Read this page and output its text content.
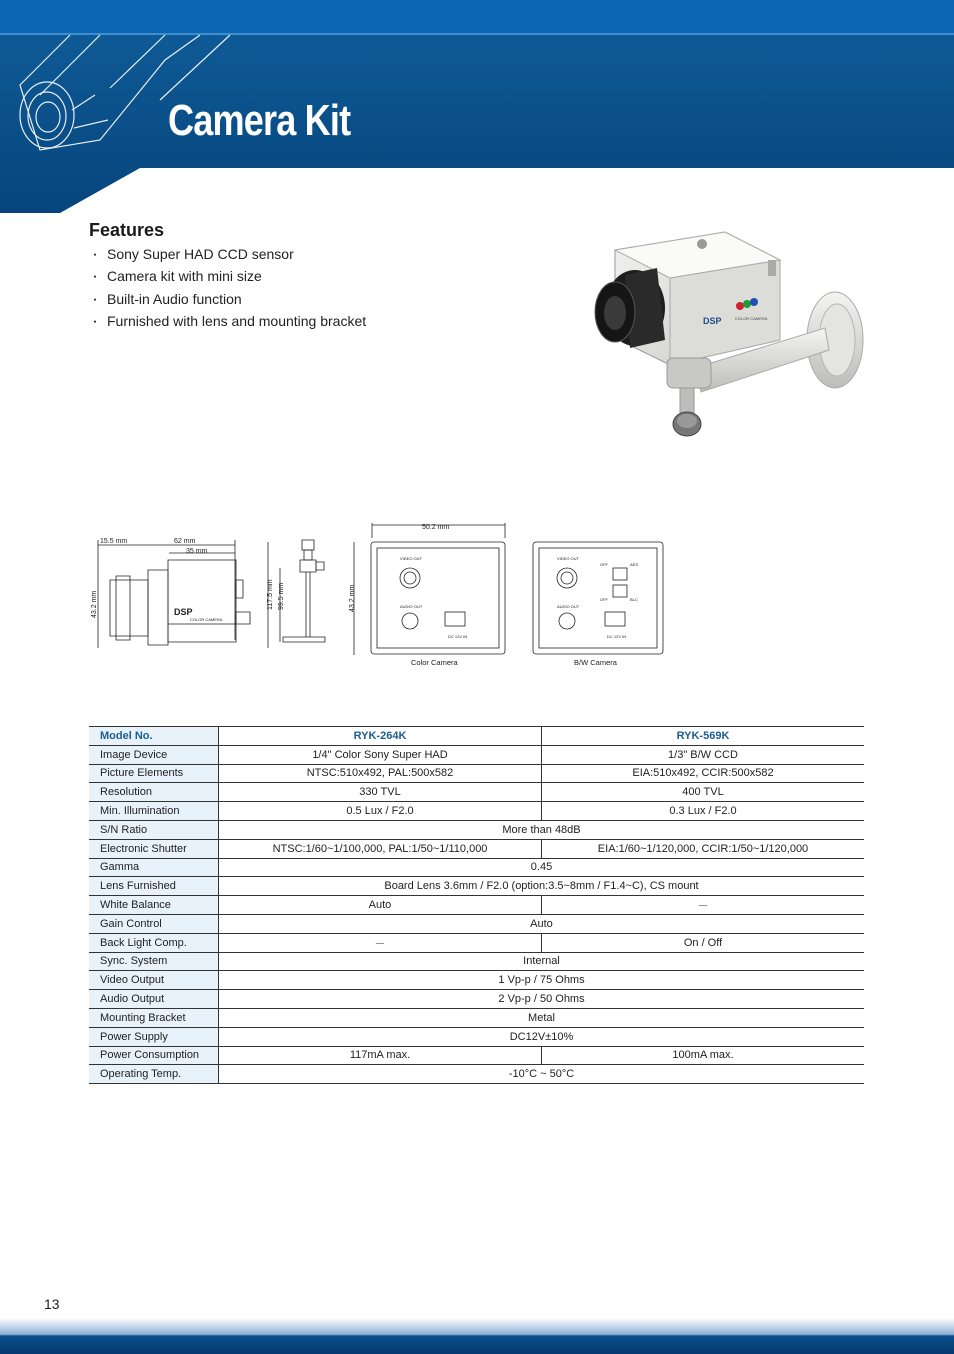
Camera Kit
Features
・ Sony Super HAD CCD sensor
・ Camera kit with mini size
・ Built-in Audio function
・ Furnished with lens and mounting bracket	DSP	COLOR CAMERA
15.5 mm	62 mm
35 mm
43.2 mm	DSP
COLOR CAMERA
117.5 mm 99.5 mm
50.2 mm
43.2 mm
VIDEO OUT
AUDIO OUT
DC 12V IN
VIDEO OUT
AUDIO OUT
DC 12V IN
OFF	AES
OFF	BLC
Color Camera	B/W Camera
Model No.	RYK-264K	RYK-569K
Image Device	1/4" Color Sony Super HAD	1/3" B/W CCD
Picture Elements	NTSC:510x492, PAL:500x582	EIA:510x492, CCIR:500x582
Resolution	330 TVL	400 TVL
Min. Illumination	0.5 Lux / F2.0	0.3 Lux / F2.0
S/N Ratio	More than 48dB	
Electronic Shutter	NTSC:1/60~1/100,000, PAL:1/50~1/110,000	EIA:1/60~1/120,000, CCIR:1/50~1/120,000
Gamma	0.45	
Lens Furnished	Board Lens 3.6mm / F2.0 (option:3.5~8mm / F1.4~C), CS mount	
White Balance	Auto	－
Gain Control	Auto	
Back Light Comp.	－	On / Off
Sync. System	Internal	
Video Output	1 Vp-p / 75 Ohms	
Audio Output	2 Vp-p / 50 Ohms	
Mounting Bracket	Metal	
Power Supply	DC12V±10%	
Power Consumption	117mA max.	100mA max.
Operating Temp.	-10°C ~ 50°C	
13
